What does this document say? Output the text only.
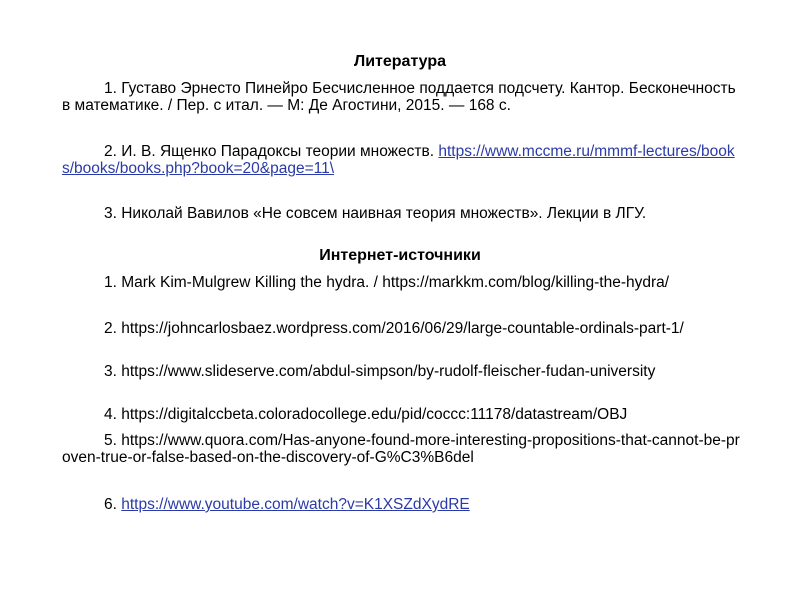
Литература
1. Густаво Эрнесто Пинейро Бесчисленное поддается подсчету. Кантор. Бесконечность в математике. / Пер. с итал. — М: Де Агостини, 2015. — 168 с.
2. И. В. Ященко Парадоксы теории множеств. https://www.mccme.ru/mmmf-lectures/books/books/books.php?book=20&page=11\
3. Николай Вавилов «Не совсем наивная теория множеств». Лекции в ЛГУ.
Интернет-источники
1. Mark Kim-Mulgrew Killing the hydra. / https://markkm.com/blog/killing-the-hydra/
2. https://johncarlosbaez.wordpress.com/2016/06/29/large-countable-ordinals-part-1/
3. https://www.slideserve.com/abdul-simpson/by-rudolf-fleischer-fudan-university
4. https://digitalccbeta.coloradocollege.edu/pid/coccc:11178/datastream/OBJ
5. https://www.quora.com/Has-anyone-found-more-interesting-propositions-that-cannot-be-proven-true-or-false-based-on-the-discovery-of-G%C3%B6del
6. https://www.youtube.com/watch?v=K1XSZdXydRE
